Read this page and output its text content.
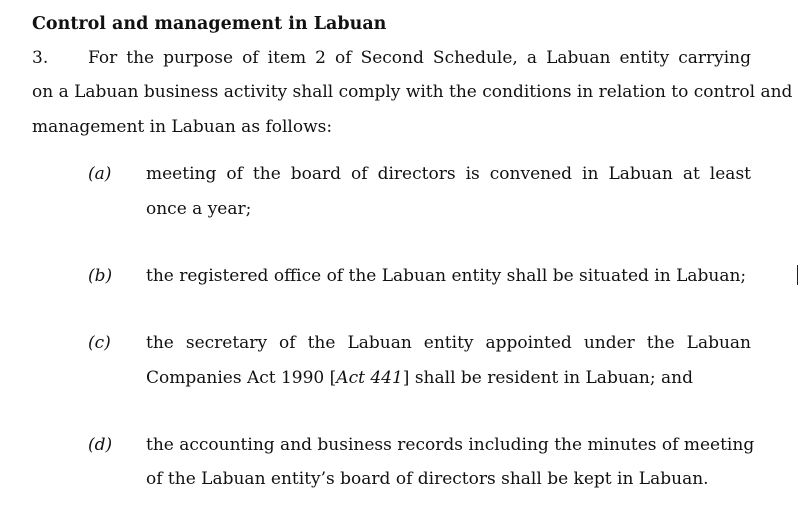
Control and management in Labuan
3. For the purpose of item 2 of Second Schedule, a Labuan entity carrying
on a Labuan business activity shall comply with the conditions in relation to control and
management in Labuan as follows:
(a) meeting of the board of directors is convened in Labuan at least
once a year;
(b) the registered office of the Labuan entity shall be situated in Labuan;
(c) the secretary of the Labuan entity appointed under the Labuan
Companies Act 1990 [Act 441] shall be resident in Labuan; and
(d) the accounting and business records including the minutes of meeting
of the Labuan entity’s board of directors shall be kept in Labuan.
